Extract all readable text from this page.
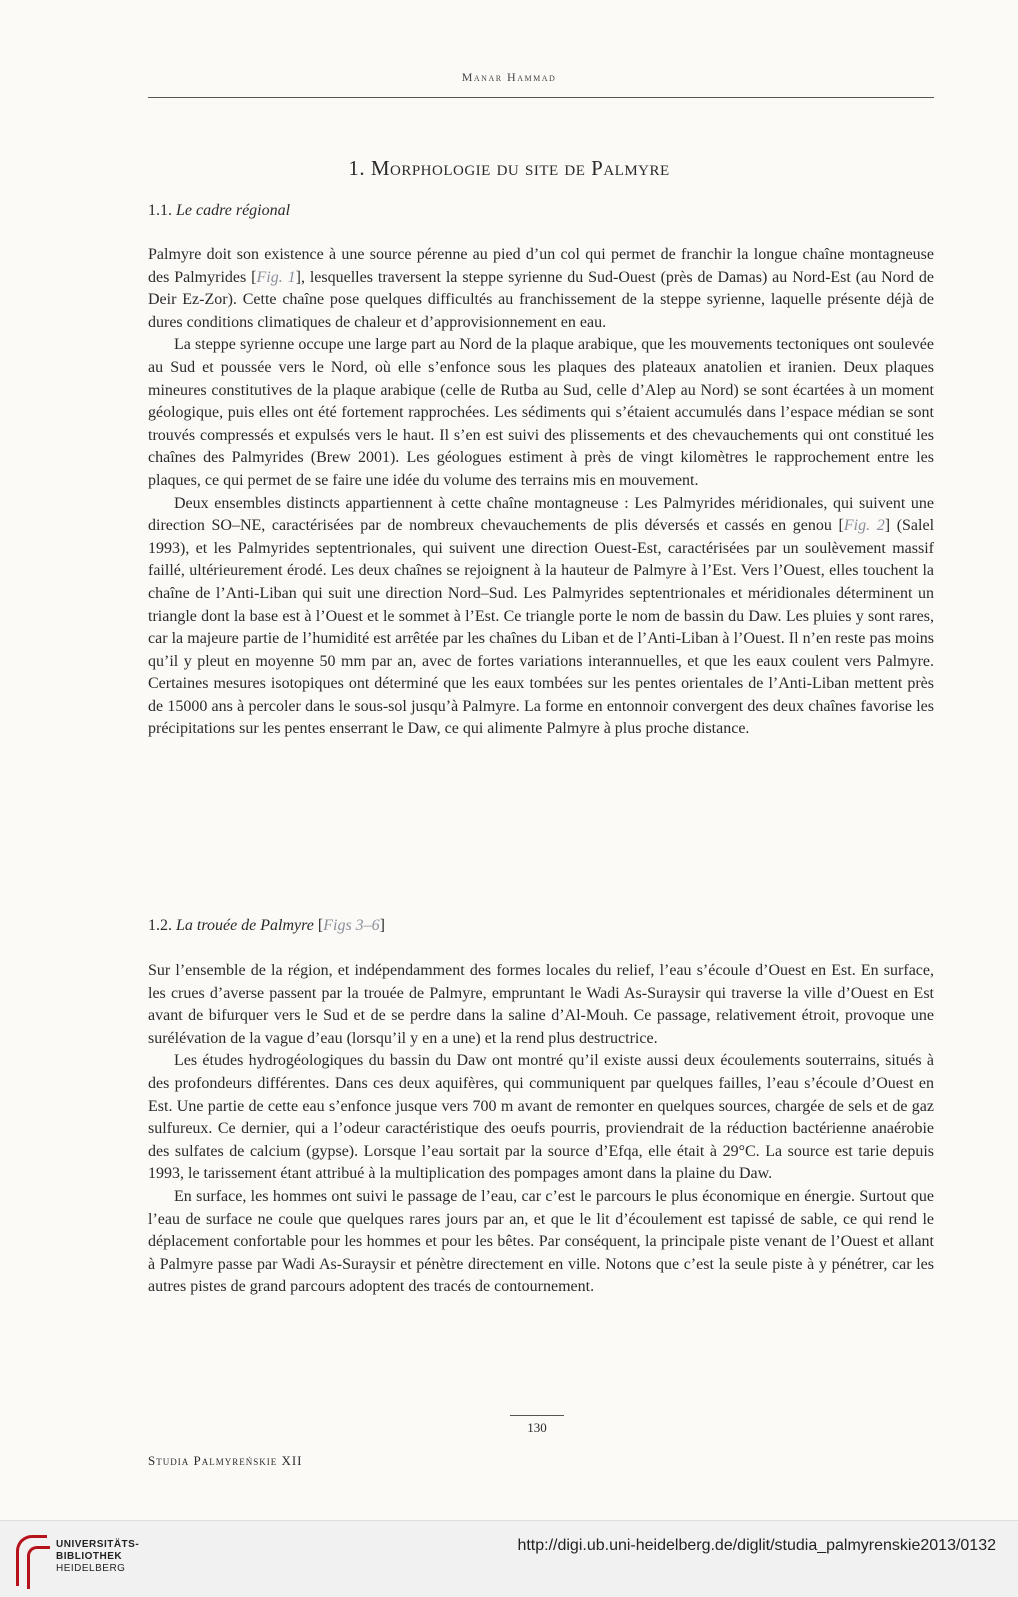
Manar Hammad
1. Morphologie du site de Palmyre
1.1. Le cadre régional

Palmyre doit son existence à une source pérenne au pied d’un col qui permet de franchir la longue chaîne montagneuse des Palmyrides [Fig. 1], lesquelles traversent la steppe syrienne du Sud-Ouest (près de Damas) au Nord-Est (au Nord de Deir Ez-Zor). Cette chaîne pose quelques difficultés au franchissement de la steppe syrienne, laquelle présente déjà de dures conditions climatiques de chaleur et d’approvisionnement en eau.

La steppe syrienne occupe une large part au Nord de la plaque arabique, que les mouvements tectoniques ont soulevée au Sud et poussée vers le Nord, où elle s’enfonce sous les plaques des plateaux anatolien et iranien. Deux plaques mineures constitutives de la plaque arabique (celle de Rutba au Sud, celle d’Alep au Nord) se sont écartées à un moment géologique, puis elles ont été fortement rapprochées. Les sédiments qui s’étaient accumulés dans l’espace médian se sont trouvés compressés et expulsés vers le haut. Il s’en est suivi des plissements et des chevauchements qui ont constitué les chaînes des Palmyrides (Brew 2001). Les géologues estiment à près de vingt kilomètres le rapprochement entre les plaques, ce qui permet de se faire une idée du volume des terrains mis en mouvement.

Deux ensembles distincts appartiennent à cette chaîne montagneuse : Les Palmyrides méridionales, qui suivent une direction SO–NE, caractérisées par de nombreux chevauchements de plis déversés et cassés en genou [Fig. 2] (Salel 1993), et les Palmyrides septentrionales, qui suivent une direction Ouest-Est, caractérisées par un soulèvement massif faillé, ultérieurement érodé. Les deux chaînes se rejoignent à la hauteur de Palmyre à l’Est. Vers l’Ouest, elles touchent la chaîne de l’Anti-Liban qui suit une direction Nord–Sud. Les Palmyrides septentrionales et méridionales déterminent un triangle dont la base est à l’Ouest et le sommet à l’Est. Ce triangle porte le nom de bassin du Daw. Les pluies y sont rares, car la majeure partie de l’humidité est arrêtée par les chaînes du Liban et de l’Anti-Liban à l’Ouest. Il n’en reste pas moins qu’il y pleut en moyenne 50 mm par an, avec de fortes variations interannuelles, et que les eaux coulent vers Palmyre. Certaines mesures isotopiques ont déterminé que les eaux tombées sur les pentes orientales de l’Anti-Liban mettent près de 15000 ans à percoler dans le sous-sol jusqu’à Palmyre. La forme en entonnoir convergent des deux chaînes favorise les précipitations sur les pentes enserrant le Daw, ce qui alimente Palmyre à plus proche distance.

1.2. La trouée de Palmyre [Figs 3–6]

Sur l’ensemble de la région, et indépendamment des formes locales du relief, l’eau s’écoule d’Ouest en Est. En surface, les crues d’averse passent par la trouée de Palmyre, empruntant le Wadi As-Suraysir qui traverse la ville d’Ouest en Est avant de bifurquer vers le Sud et de se perdre dans la saline d’Al-Mouh. Ce passage, relativement étroit, provoque une surélévation de la vague d’eau (lorsqu’il y en a une) et la rend plus destructrice.

Les études hydrogéologiques du bassin du Daw ont montré qu’il existe aussi deux écoulements souterrains, situés à des profondeurs différentes. Dans ces deux aquifères, qui communiquent par quelques failles, l’eau s’écoule d’Ouest en Est. Une partie de cette eau s’enfonce jusque vers 700 m avant de remonter en quelques sources, chargée de sels et de gaz sulfureux. Ce dernier, qui a l’odeur caractéristique des oeufs pourris, proviendrait de la réduction bactérienne anaérobie des sulfates de calcium (gypse). Lorsque l’eau sortait par la source d’Efqa, elle était à 29°C. La source est tarie depuis 1993, le tarissement étant attribué à la multiplication des pompages amont dans la plaine du Daw.

En surface, les hommes ont suivi le passage de l’eau, car c’est le parcours le plus économique en énergie. Surtout que l’eau de surface ne coule que quelques rares jours par an, et que le lit d’écoulement est tapissé de sable, ce qui rend le déplacement confortable pour les hommes et pour les bêtes. Par conséquent, la principale piste venant de l’Ouest et allant à Palmyre passe par Wadi As-Suraysir et pénètre directement en ville. Notons que c’est la seule piste à y pénétrer, car les autres pistes de grand parcours adoptent des tracés de contournement.

130
Studia Palmyreńskie XII
UNIVERSITÄTS-
BIBLIOTHEK
HEIDELBERG
http://digi.ub.uni-heidelberg.de/diglit/studia_palmyrenskie2013/0132
